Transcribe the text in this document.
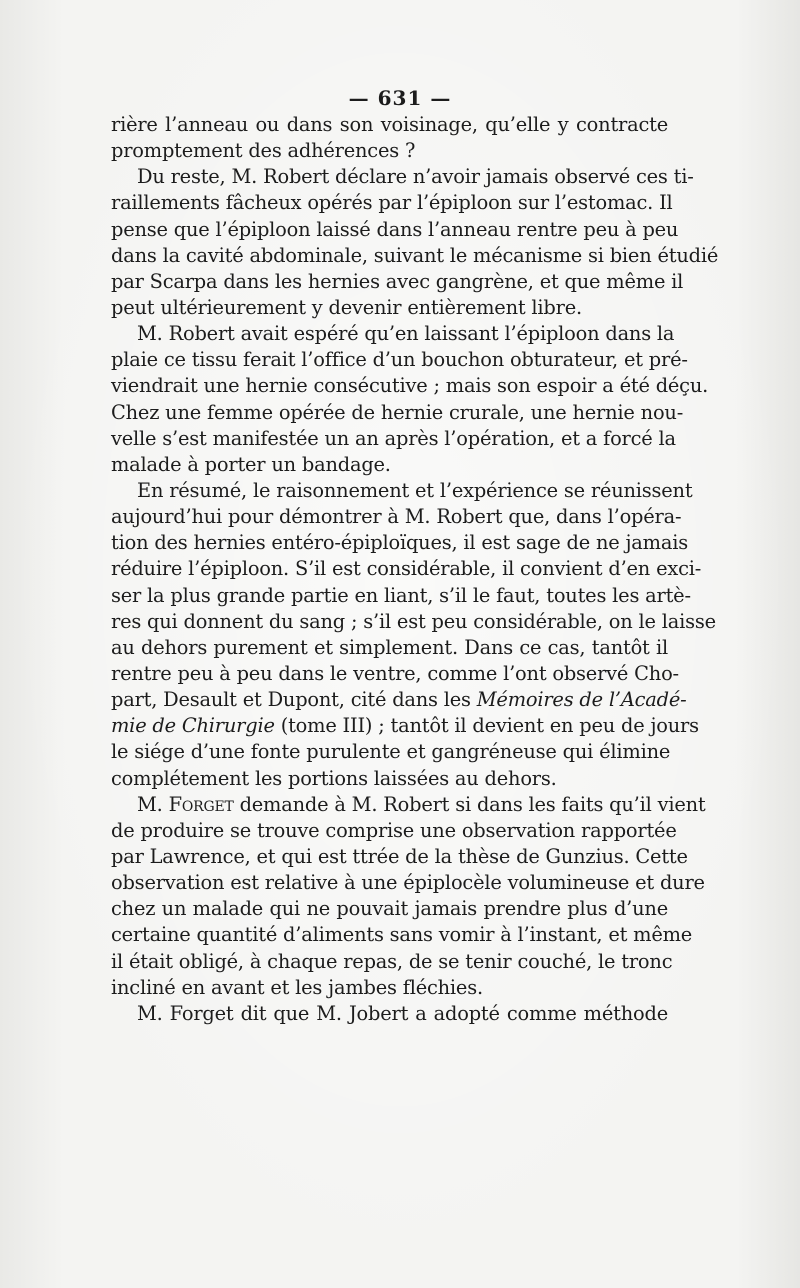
— 631 —
rière l’anneau ou dans son voisinage, qu’elle y contracte
promptement des adhérences ?
Du reste, M. Robert déclare n’avoir jamais observé ces ti-
raillements fâcheux opérés par l’épiploon sur l’estomac. Il
pense que l’épiploon laissé dans l’anneau rentre peu à peu
dans la cavité abdominale, suivant le mécanisme si bien étudié
par Scarpa dans les hernies avec gangrène, et que même il
peut ultérieurement y devenir entièrement libre.
M. Robert avait espéré qu’en laissant l’épiploon dans la
plaie ce tissu ferait l’office d’un bouchon obturateur, et pré-
viendrait une hernie consécutive ; mais son espoir a été déçu.
Chez une femme opérée de hernie crurale, une hernie nou-
velle s’est manifestée un an après l’opération, et a forcé la
malade à porter un bandage.
En résumé, le raisonnement et l’expérience se réunissent
aujourd’hui pour démontrer à M. Robert que, dans l’opéra-
tion des hernies entéro-épiploïques, il est sage de ne jamais
réduire l’épiploon. S’il est considérable, il convient d’en exci-
ser la plus grande partie en liant, s’il le faut, toutes les artè-
res qui donnent du sang ; s’il est peu considérable, on le laisse
au dehors purement et simplement. Dans ce cas, tantôt il
rentre peu à peu dans le ventre, comme l’ont observé Cho-
part, Desault et Dupont, cité dans les Mémoires de l’Acadé-
mie de Chirurgie (tome III) ; tantôt il devient en peu de jours
le siége d’une fonte purulente et gangréneuse qui élimine
complétement les portions laissées au dehors.
M. Forget demande à M. Robert si dans les faits qu’il vient
de produire se trouve comprise une observation rapportée
par Lawrence, et qui est ttrée de la thèse de Gunzius. Cette
observation est relative à une épiplocèle volumineuse et dure
chez un malade qui ne pouvait jamais prendre plus d’une
certaine quantité d’aliments sans vomir à l’instant, et même
il était obligé, à chaque repas, de se tenir couché, le tronc
incliné en avant et les jambes fléchies.
M. Forget dit que M. Jobert a adopté comme méthode
